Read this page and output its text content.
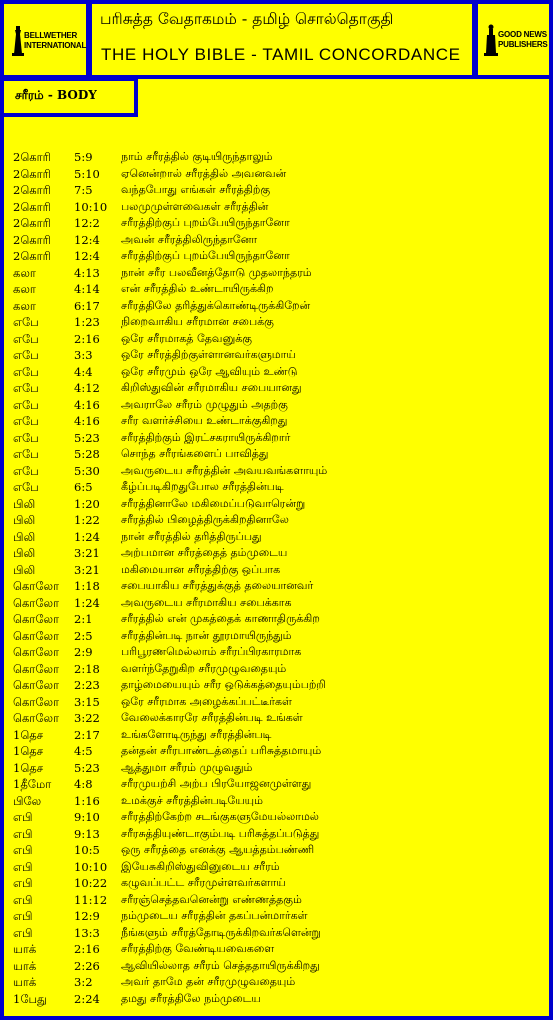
BELLWETHER
INTERNATIONAL
பரிசுத்த வேதாகமம் - தமிழ் சொல்தொகுதி
THE HOLY BIBLE - TAMIL CONCORDANCE
GOOD NEWS
PUBLISHERS
சரீரம் - BODY
2கொரி	5:9	நாம் சரீரத்தில் குடியிருந்தாலும்
2கொரி	5:10	ஏனென்றால் சரீரத்தில் அவனவன்
2கொரி	7:5	வந்தபோது எங்கள் சரீரத்திற்கு
2கொரி	10:10	பலமுமுள்ளவைகள் சரீரத்தின்
2கொரி	12:2	சரீரத்திற்குப் புறம்பேயிருந்தானோ
2கொரி	12:4	அவன் சரீரத்திலிருந்தானோ
2கொரி	12:4	சரீரத்திற்குப் புறம்பேயிருந்தானோ
கலா	4:13	நான் சரீர பலவீனத்தோடு முதலாந்தரம்
கலா	4:14	என் சரீரத்தில் உண்டாயிருக்கிற
கலா	6:17	சரீரத்திலே தரித்துக்கொண்டிருக்கிறேன்
எபே	1:23	நிறைவாகிய சரீரமான சபைக்கு
எபே	2:16	ஒரே சரீரமாகத் தேவனுக்கு
எபே	3:3	ஒரே சரீரத்திற்குள்ளானவர்களுமாய்
எபே	4:4	ஒரே சரீரமும் ஒரே ஆவியும் உண்டு
எபே	4:12	கிறிஸ்துவின் சரீரமாகிய சபையானது
எபே	4:16	அவராலே சரீரம் முழுதும் அதற்கு
எபே	4:16	சரீர வளர்ச்சியை உண்டாக்குகிறது
எபே	5:23	சரீரத்திற்கும் இரட்சகராயிருக்கிறார்
எபே	5:28	சொந்த சரீரங்களைப் பாவித்து
எபே	5:30	அவருடைய சரீரத்தின் அவயவங்களாயும்
எபே	6:5	கீழ்ப்படிகிறதுபோல சரீரத்தின்படி
பிலி	1:20	சரீரத்தினாலே மகிமைப்படுவாரென்று
பிலி	1:22	சரீரத்தில் பிழைத்திருக்கிறதினாலே
பிலி	1:24	நான் சரீரத்தில் தரித்திருப்பது
பிலி	3:21	அற்பமான சரீரத்தைத் தம்முடைய
பிலி	3:21	மகிமையான சரீரத்திற்கு ஒப்பாக
கொலோ	1:18	சபையாகிய சரீரத்துக்குத் தலையானவர்
கொலோ	1:24	அவருடைய சரீரமாகிய சபைக்காக
கொலோ	2:1	சரீரத்தில் என் முகத்தைக் காணாதிருக்கிற
கொலோ	2:5	சரீரத்தின்படி நான் தூரமாயிருந்தும்
கொலோ	2:9	பரிபூரணமெல்லாம் சரீரப்பிரகாரமாக
கொலோ	2:18	வளர்ந்தேறுகிற சரீரமுழுவதையும்
கொலோ	2:23	தாழ்மையையும் சரீர ஒடுக்கத்தையும்பற்றி
கொலோ	3:15	ஒரே சரீரமாக அழைக்கப்பட்டீர்கள்
கொலோ	3:22	வேலைக்காரரே சரீரத்தின்படி உங்கள்
1தெச	2:17	உங்களோடிருந்து சரீரத்தின்படி
1தெச	4:5	தன்தன் சரீரபாண்டத்தைப் பரிசுத்தமாயும்
1தெச	5:23	ஆத்துமா சரீரம் முழுவதும்
1தீமோ	4:8	சரீரமுயற்சி அற்ப பிரயோஜனமுள்ளது
பிலே	1:16	உமக்குச் சரீரத்தின்படியேயும்
எபி	9:10	சரீரத்திற்கேற்ற சடங்குகளுமேயல்லாமல்
எபி	9:13	சரீரசுத்தியுண்டாகும்படி பரிசுத்தப்படுத்து
எபி	10:5	ஒரு சரீரத்தை எனக்கு ஆயத்தம்பண்ணி
எபி	10:10	இயேசுகிறிஸ்துவினுடைய சரீரம்
எபி	10:22	கழுவப்பட்ட சரீரமுள்ளவர்களாய்
எபி	11:12	சரீரஞ்செத்தவனென்று எண்ணத்தகும்
எபி	12:9	நம்முடைய சரீரத்தின் தகப்பன்மார்கள்
எபி	13:3	நீங்களும் சரீரத்தோடிருக்கிறவர்களென்று
யாக்	2:16	சரீரத்திற்கு வேண்டியவைகளை
யாக்	2:26	ஆவியில்லாத சரீரம் செத்ததாயிருக்கிறது
யாக்	3:2	அவர் தாமே தன் சரீரமுழுவதையும்
1பேது	2:24	தமது சரீரத்திலே நம்முடைய
